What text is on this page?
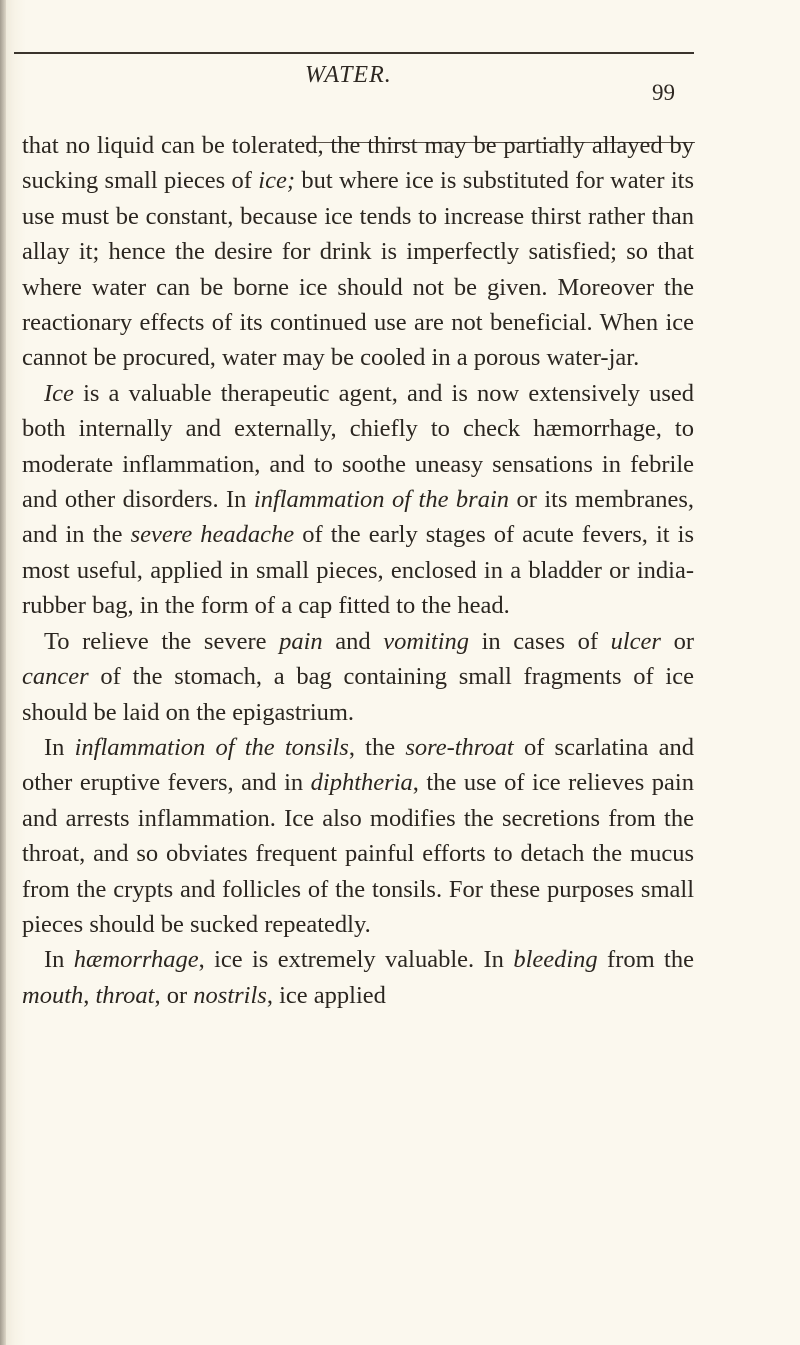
WATER.
99

that no liquid can be tolerated, the thirst may be partially allayed by sucking small pieces of ice; but where ice is substituted for water its use must be constant, because ice tends to increase thirst rather than allay it; hence the desire for drink is imperfectly satisfied; so that where water can be borne ice should not be given. Moreover the reactionary effects of its continued use are not beneficial. When ice cannot be procured, water may be cooled in a porous water-jar.

Ice is a valuable therapeutic agent, and is now extensively used both internally and externally, chiefly to check hæmorrhage, to moderate inflammation, and to soothe uneasy sensations in febrile and other disorders. In inflammation of the brain or its membranes, and in the severe headache of the early stages of acute fevers, it is most useful, applied in small pieces, enclosed in a bladder or india-rubber bag, in the form of a cap fitted to the head.

To relieve the severe pain and vomiting in cases of ulcer or cancer of the stomach, a bag containing small fragments of ice should be laid on the epigastrium.

In inflammation of the tonsils, the sore-throat of scarlatina and other eruptive fevers, and in diphtheria, the use of ice relieves pain and arrests inflammation. Ice also modifies the secretions from the throat, and so obviates frequent painful efforts to detach the mucus from the crypts and follicles of the tonsils. For these purposes small pieces should be sucked repeatedly.

In hæmorrhage, ice is extremely valuable. In bleeding from the mouth, throat, or nostrils, ice applied
